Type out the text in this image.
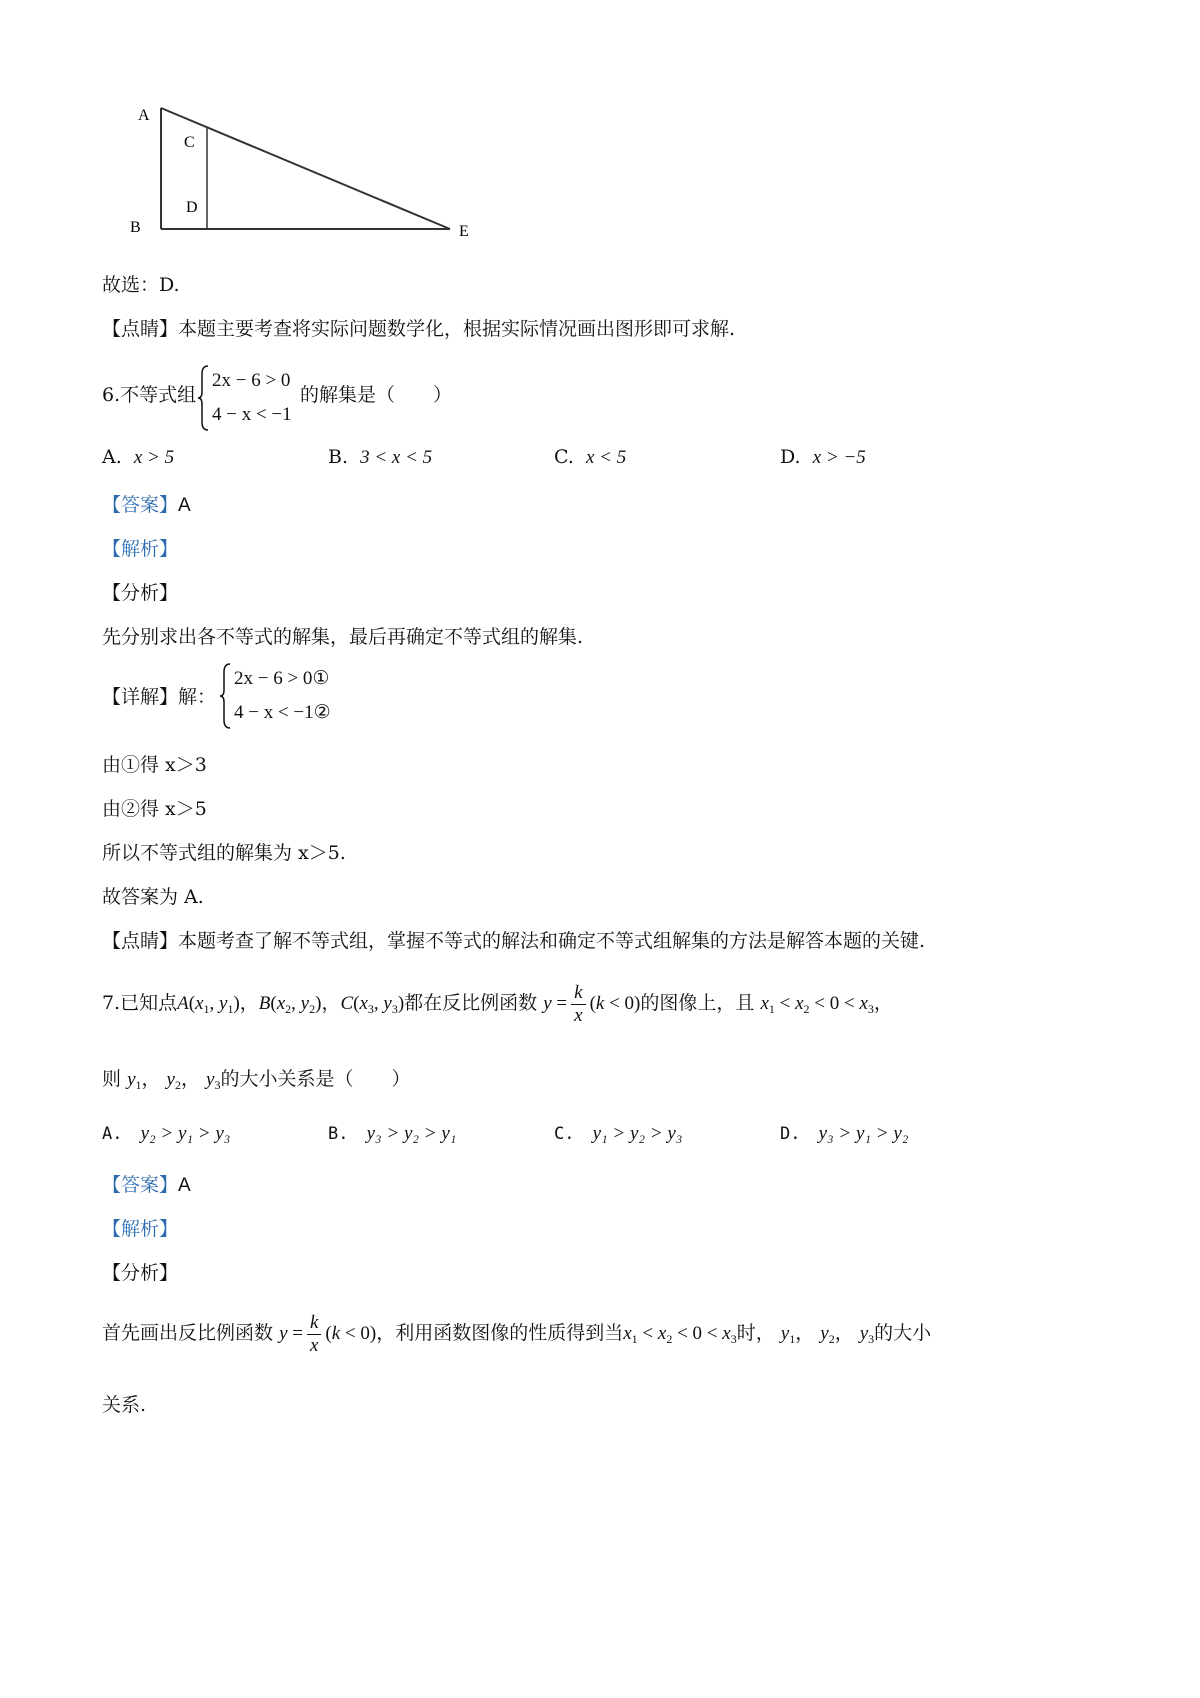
A
B
C
D
E
故选：D.
【点睛】本题主要考查将实际问题数学化，根据实际情况画出图形即可求解.
6.不等式组
2x − 6 > 0
4 − x < −1
的解集是（　　）
A. x > 5	B. 3 < x < 5	C. x < 5	D. x > −5
【答案】A
【解析】
【分析】
先分别求出各不等式的解集，最后再确定不等式组的解集.
【详解】解：
2x − 6 > 0①
4 − x < −1②
由①得 x＞3
由②得 x＞5
所以不等式组的解集为 x＞5.
故答案为 A.
【点睛】本题考查了解不等式组，掌握不等式的解法和确定不等式组解集的方法是解答本题的关键.
7.已知点$A(x_1$, $y_1$)，$B(x_2$, $y_2$)，$C(x_3$, $y_3$)都在反比例函数 $y = \frac{k}{x} (k < 0)$的图像上，且 $x_1 < x_2 < 0 < x_3$，
则 $y_1$， $y_2$， $y_3$的大小关系是（　　）
A. y₂ > y₁ > y₃	B. y₃ > y₂ > y₁	C. y₁ > y₂ > y₃	D. y₃ > y₁ > y₂
【答案】A
【解析】
【分析】
首先画出反比例函数 $y = \frac{k}{x} (k < 0)$，利用函数图像的性质得到当$x_1 < x_2 < 0 < x_3$时， $y_1$， $y_2$， $y_3$的大小
关系.
